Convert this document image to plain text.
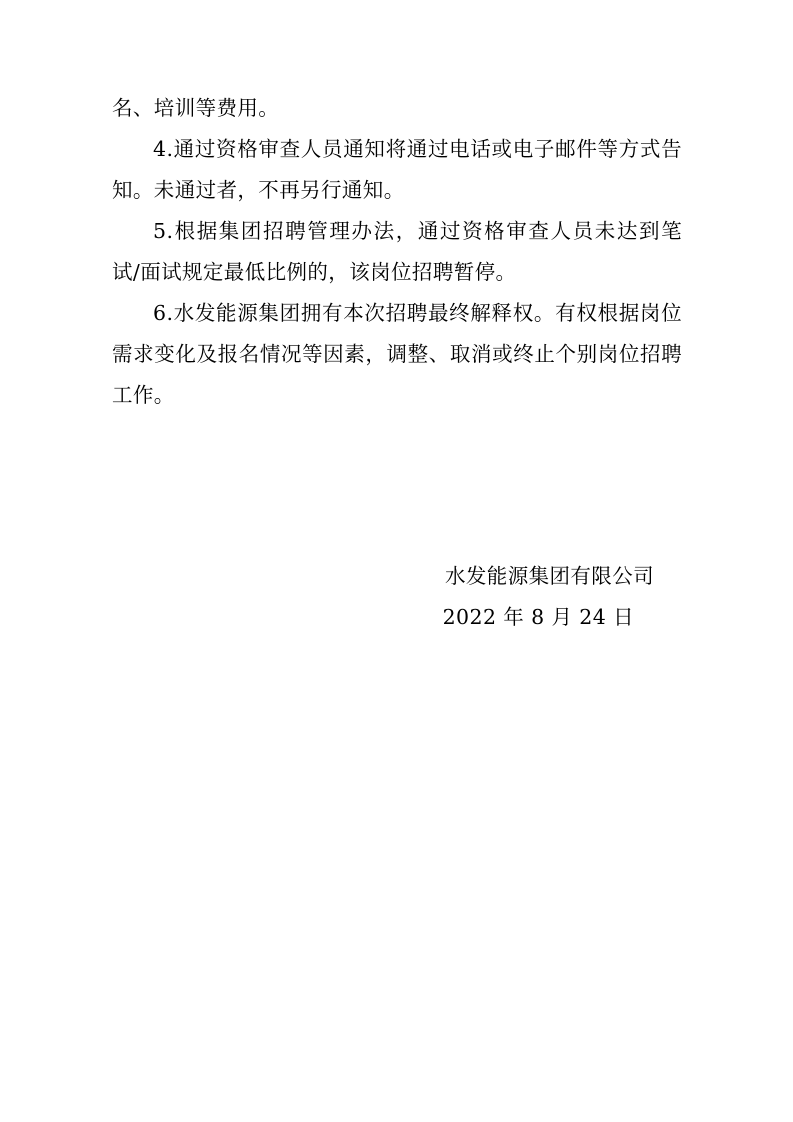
名、培训等费用。

4.通过资格审查人员通知将通过电话或电子邮件等方式告知。未通过者，不再另行通知。

5.根据集团招聘管理办法，通过资格审查人员未达到笔试/面试规定最低比例的，该岗位招聘暂停。

6.水发能源集团拥有本次招聘最终解释权。有权根据岗位需求变化及报名情况等因素，调整、取消或终止个别岗位招聘工作。

水发能源集团有限公司

2022 年 8 月 24 日
